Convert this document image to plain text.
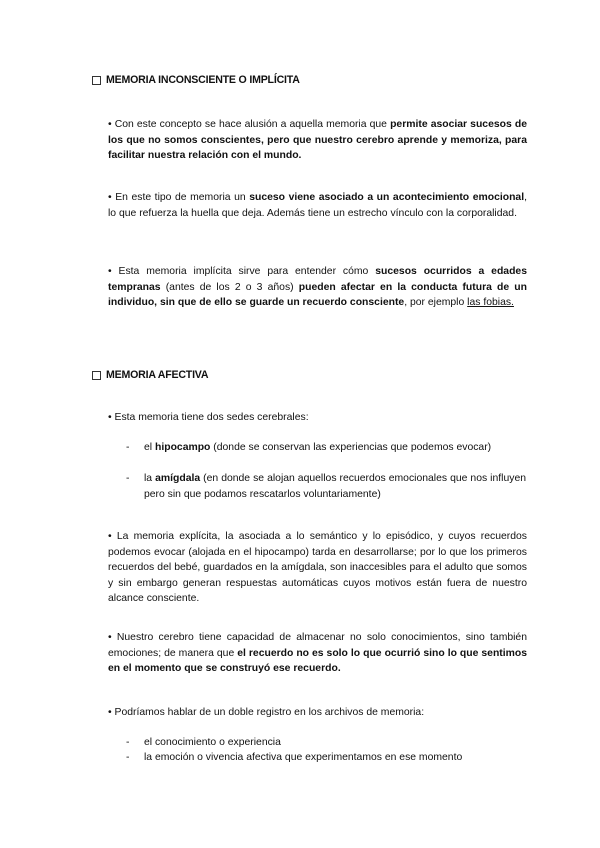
MEMORIA INCONSCIENTE O IMPLÍCITA

• Con este concepto se hace alusión a aquella memoria que permite asociar sucesos de los que no somos conscientes, pero que nuestro cerebro aprende y memoriza, para facilitar nuestra relación con el mundo.

• En este tipo de memoria un suceso viene asociado a un acontecimiento emocional, lo que refuerza la huella que deja. Además tiene un estrecho vínculo con la corporalidad.

• Esta memoria implícita sirve para entender cómo sucesos ocurridos a edades tempranas (antes de los 2 o 3 años) pueden afectar en la conducta futura de un individuo, sin que de ello se guarde un recuerdo consciente, por ejemplo las fobias.

MEMORIA AFECTIVA

• Esta memoria tiene dos sedes cerebrales:

-	el hipocampo (donde se conservan las experiencias que podemos evocar)
-	la amígdala (en donde se alojan aquellos recuerdos emocionales que nos influyen pero sin que podamos rescatarlos voluntariamente)

• La memoria explícita, la asociada a lo semántico y lo episódico, y cuyos recuerdos podemos evocar (alojada en el hipocampo) tarda en desarrollarse; por lo que los primeros recuerdos del bebé, guardados en la amígdala, son inaccesibles para el adulto que somos y sin embargo generan respuestas automáticas cuyos motivos están fuera de nuestro alcance consciente.

• Nuestro cerebro tiene capacidad de almacenar no solo conocimientos, sino también emociones; de manera que el recuerdo no es solo lo que ocurrió sino lo que sentimos en el momento que se construyó ese recuerdo.

• Podríamos hablar de un doble registro en los archivos de memoria:

-	el conocimiento o experiencia
-	la emoción o vivencia afectiva que experimentamos en ese momento
